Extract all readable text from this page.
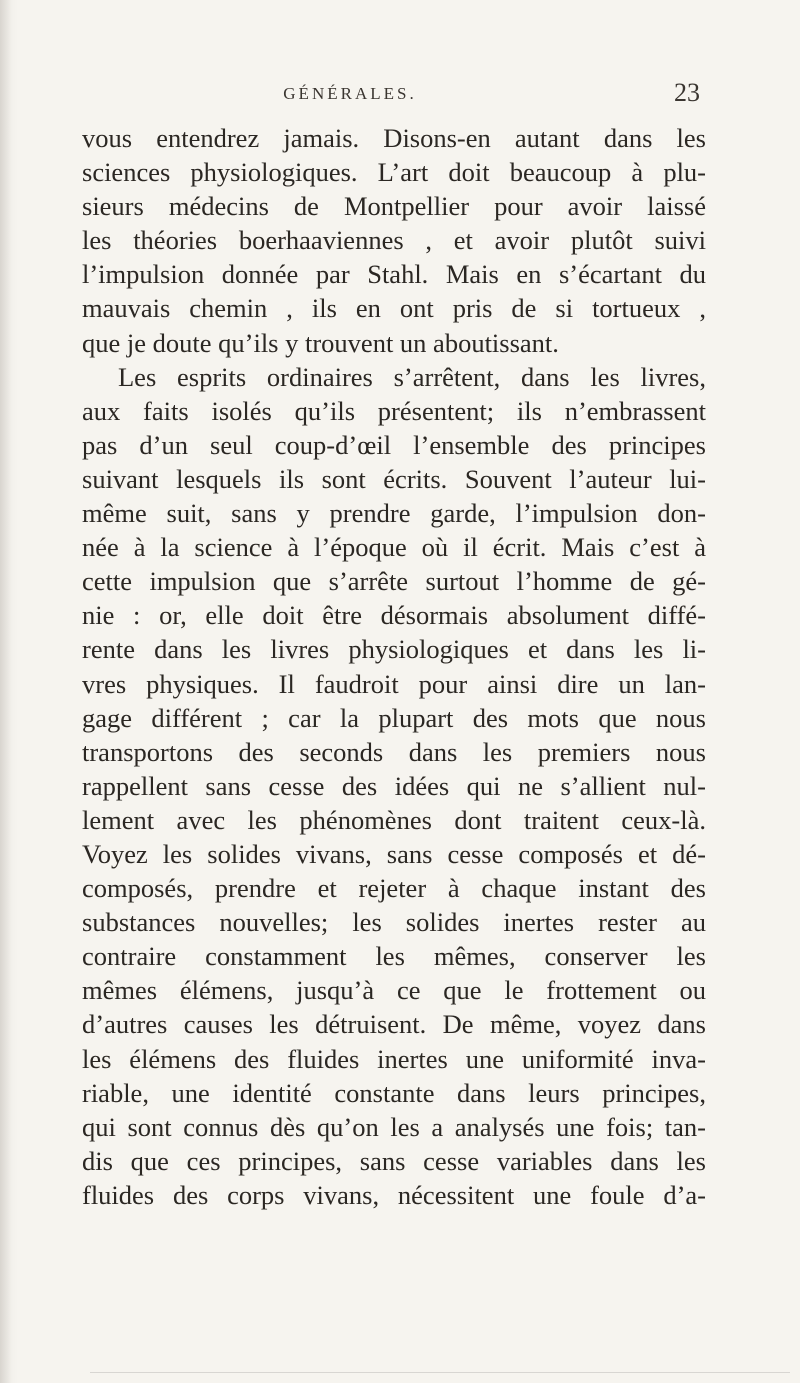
GÉNÉRALES.	23
vous entendrez jamais. Disons-en autant dans les
sciences physiologiques. L’art doit beaucoup à plu-
sieurs médecins de Montpellier pour avoir laissé
les théories boerhaaviennes , et avoir plutôt suivi
l’impulsion donnée par Stahl. Mais en s’écartant du
mauvais chemin , ils en ont pris de si tortueux ,
que je doute qu’ils y trouvent un aboutissant.
Les esprits ordinaires s’arrêtent, dans les livres,
aux faits isolés qu’ils présentent; ils n’embrassent
pas d’un seul coup-d’œil l’ensemble des principes
suivant lesquels ils sont écrits. Souvent l’auteur lui-
même suit, sans y prendre garde, l’impulsion don-
née à la science à l’époque où il écrit. Mais c’est à
cette impulsion que s’arrête surtout l’homme de gé-
nie : or, elle doit être désormais absolument diffé-
rente dans les livres physiologiques et dans les li-
vres physiques. Il faudroit pour ainsi dire un lan-
gage différent ; car la plupart des mots que nous
transportons des seconds dans les premiers nous
rappellent sans cesse des idées qui ne s’allient nul-
lement avec les phénomènes dont traitent ceux-là.
Voyez les solides vivans, sans cesse composés et dé-
composés, prendre et rejeter à chaque instant des
substances nouvelles; les solides inertes rester au
contraire constamment les mêmes, conserver les
mêmes élémens, jusqu’à ce que le frottement ou
d’autres causes les détruisent. De même, voyez dans
les élémens des fluides inertes une uniformité inva-
riable, une identité constante dans leurs principes,
qui sont connus dès qu’on les a analysés une fois; tan-
dis que ces principes, sans cesse variables dans les
fluides des corps vivans, nécessitent une foule d’a-
